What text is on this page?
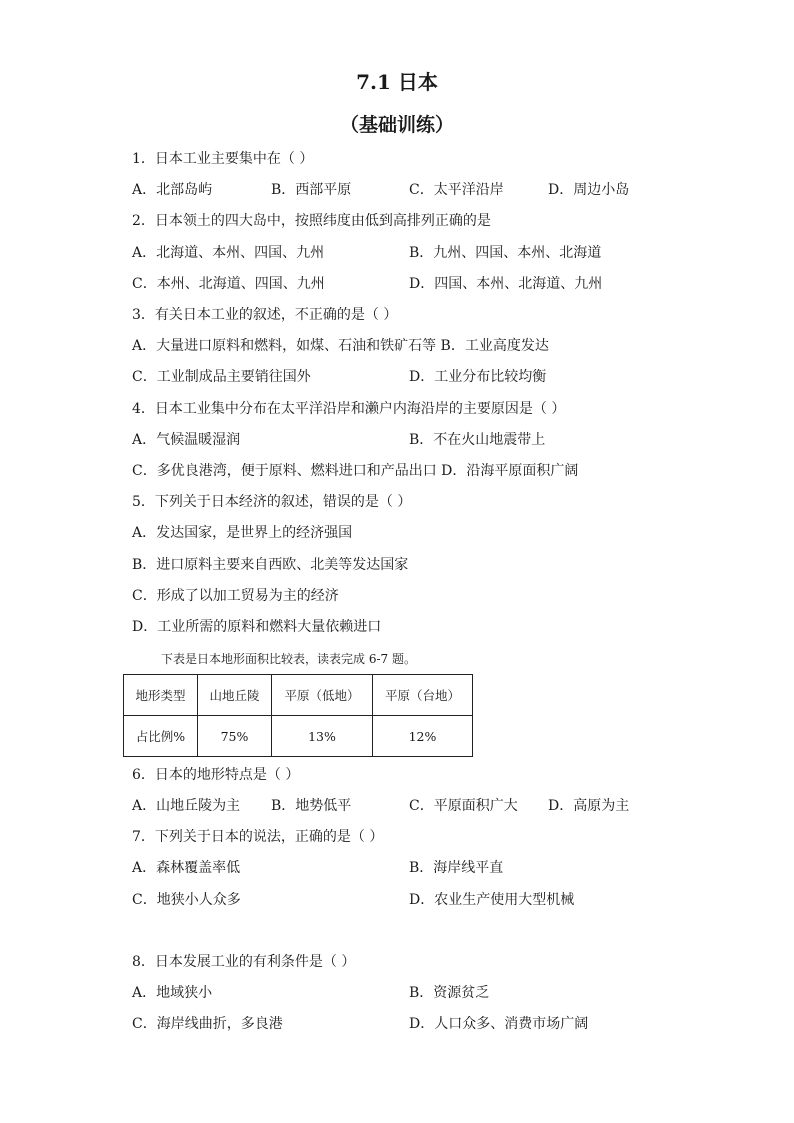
7.1 日本
（基础训练）
1．日本工业主要集中在（ ）
A．北部岛屿	B．西部平原	C．太平洋沿岸	D．周边小岛
2．日本领土的四大岛中，按照纬度由低到高排列正确的是
A．北海道、本州、四国、九州	B．九州、四国、本州、北海道
C．本州、北海道、四国、九州	D．四国、本州、北海道、九州
3．有关日本工业的叙述，不正确的是（ ）
A．大量进口原料和燃料，如煤、石油和铁矿石等 B．工业高度发达
C．工业制成品主要销往国外	D．工业分布比较均衡
4．日本工业集中分布在太平洋沿岸和濑户内海沿岸的主要原因是（ ）
A．气候温暖湿润	B．不在火山地震带上
C．多优良港湾，便于原料、燃料进口和产品出口 D．沿海平原面积广阔
5．下列关于日本经济的叙述，错误的是（ ）
A．发达国家，是世界上的经济强国
B．进口原料主要来自西欧、北美等发达国家
C．形成了以加工贸易为主的经济
D．工业所需的原料和燃料大量依赖进口
下表是日本地形面积比较表，读表完成 6-7 题。
地形类型	山地丘陵	平原（低地）	平原（台地）
占比例%	75%	13%	12%
6．日本的地形特点是（ ）
A．山地丘陵为主 B．地势低平	C．平原面积广大 D．高原为主
7．下列关于日本的说法，正确的是（ ）
A．森林覆盖率低	B．海岸线平直
C．地狭小人众多	D．农业生产使用大型机械
8．日本发展工业的有利条件是（ ）
A．地域狭小	B．资源贫乏
C．海岸线曲折，多良港	D．人口众多、消费市场广阔
